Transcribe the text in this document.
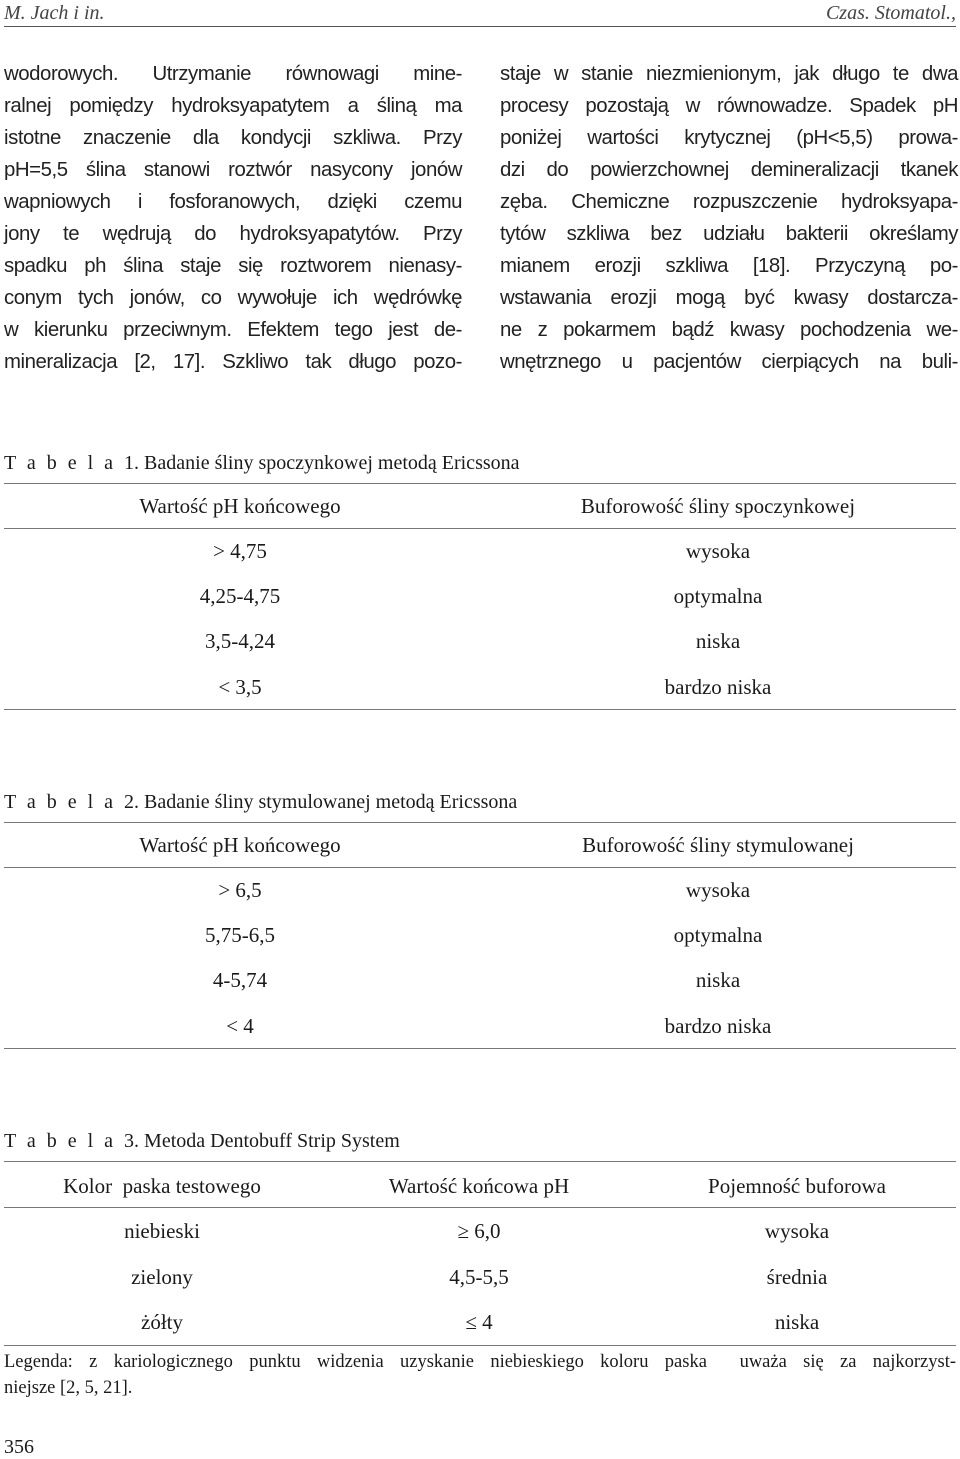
M. Jach i in.	Czas. Stomatol.,
wodorowych. Utrzymanie równowagi mine-
ralnej pomiędzy hydroksyapatytem a śliną ma
istotne znaczenie dla kondycji szkliwa. Przy
pH=5,5 ślina stanowi roztwór nasycony jonów
wapniowych i fosforanowych, dzięki czemu
jony te wędrują do hydroksyapatytów. Przy
spadku ph ślina staje się roztworem nienasy-
conym tych jonów, co wywołuje ich wędrówkę
w kierunku przeciwnym. Efektem tego jest de-
mineralizacja [2, 17]. Szkliwo tak długo pozo-
staje w stanie niezmienionym, jak długo te dwa
procesy pozostają w równowadze. Spadek pH
poniżej wartości krytycznej (pH<5,5) prowa-
dzi do powierzchownej demineralizacji tkanek
zęba. Chemiczne rozpuszczenie hydroksyapa-
tytów szkliwa bez udziału bakterii określamy
mianem erozji szkliwa [18]. Przyczyną po-
wstawania erozji mogą być kwasy dostarcza-
ne z pokarmem bądź kwasy pochodzenia we-
wnętrznego u pacjentów cierpiących na buli-
T a b e l a 1. Badanie śliny spoczynkowej metodą Ericssona
Wartość pH końcowego	Buforowość śliny spoczynkowej
> 4,75	wysoka
4,25-4,75	optymalna
3,5-4,24	niska
< 3,5	bardzo niska
T a b e l a 2. Badanie śliny stymulowanej metodą Ericssona
Wartość pH końcowego	Buforowość śliny stymulowanej
> 6,5	wysoka
5,75-6,5	optymalna
4-5,74	niska
< 4	bardzo niska
T a b e l a 3. Metoda Dentobuff Strip System
Kolor  paska testowego	Wartość końcowa pH	Pojemność buforowa
niebieski	≥ 6,0	wysoka
zielony	4,5-5,5	średnia
żółty	≤ 4	niska
Legenda: z kariologicznego punktu widzenia uzyskanie niebieskiego koloru paska  uważa się za najkorzyst-
niejsze [2, 5, 21].
356
